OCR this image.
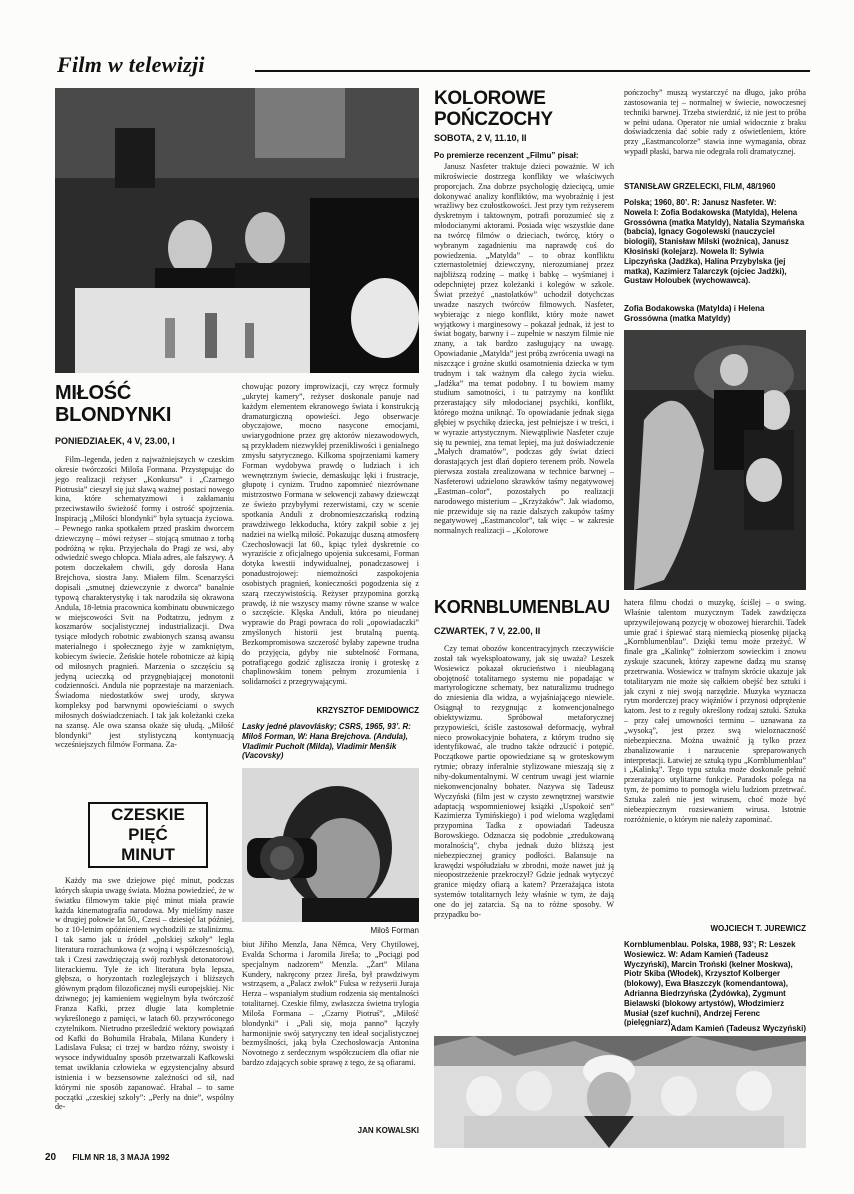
Film w telewizji
MIŁOŚĆ
BLONDYNKI
PONIEDZIAŁEK, 4 V, 23.00, I

Film–legenda, jeden z najważniejszych w czeskim okresie twórczości Miloša Formana. Przystępując do jego realizacji reżyser „Konkursu” i „Czarnego Piotrusia” cieszył się już sławą ważnej postaci nowego kina, które schematyzmowi i zakłamaniu przeciwstawiło świeżość formy i ostrość spojrzenia. Inspiracją „Miłości blondynki” była sytuacja życiowa. – Pewnego ranka spotkałem przed praskim dworcem dziewczynę – mówi reżyser – stojącą smutnao z torbą podróżną w ręku. Przyjechała do Pragi ze wsi, aby odwiedzić swego chłopca. Miała adres, ale fałszywy. A potem doczekałem chwili, gdy dorosła Hana Brejchova, siostra Jany. Miałem film. Scenarzyści dopisali „smutnej dziewczynie z dworca” banalnie typową charakterystykę i tak narodziła się okrawona Andula, 18-letnia pracownica kombinatu obuwniczego w miejscowości Svit na Podtatrzu, jednym z koszmarów socjalistycznej industrializacji. Dwa tysiące młodych robotnic zwabionych szansą awansu materialnego i społecznego żyje w zamkniętym, kobiecym świecie. Żeńskie hotele robotnicze aż kipią od miłosnych pragnień. Marzenia o szczęściu są jedyną ucieczką od przygnębiającej monotonii codzienności. Andula nie poprzestaje na marzeniach. Świadoma niedostatków swej urody, skrywa kompleksy pod barwnymi opowieściami o swych miłosnych doświadczeniach. I tak jak koleżanki czeka na szansę. Ale owa szansa okaże się ułudą. „Miłość blondynki” jest stylistyczną kontynuacją wcześniejszych filmów Formana. Za-

chowując pozory improwizacji, czy wręcz formuły „ukrytej kamery”, reżyser doskonale panuje nad każdym elementem ekranowego świata i konstrukcją dramaturgiczną opowieści. Jego obserwacje obyczajowe, mocno nasycone emocjami, uwiarygodnione przez grę aktorów niezawodowych, są przykładem niezwykłej przenikliwości i genialnego zmysłu satyrycznego. Kilkoma spojrzeniami kamery Forman wydobywa prawdę o ludziach i ich wewnętrznym świecie, demaskując lęki i frustracje, głupotę i cynizm. Trudno zapomnieć niezrównane mistrzostwo Formana w sekwencji zabawy dziewcząt ze świeżo przybyłymi rezerwistami, czy w scenie spotkania Anduli z drobnomieszczańską rodziną prawdziwego lekkoducha, który zakpił sobie z jej nadziei na wielką miłość. Pokazując duszną atmosferę Czechosłowacji lat 60., kpiąc tyleż dyskretnie co wyraziście z oficjalnego upojenia sukcesami, Forman dotyka kwestii indywidualnej, ponadczasowej i ponadustrojowej: niemożności zaspokojenia osobistych pragnień, konieczności pogodzenia się z szarą rzeczywistością. Reżyser przypomina gorzką prawdę, iż nie wszyscy mamy równe szanse w walce o szczęście. Klęska Anduli, która po nieudanej wyprawie do Pragi powraca do roli „opowiadaczki” zmyślonych historii jest brutalną puentą. Bezkompromisowa szczerość byłaby zapewne trudna do przyjęcia, gdyby nie subtelność Formana, potrafiącego godzić zgliszcza ironię i groteskę z chaplinowskim tonem pełnym zrozumienia i solidarności z przegrywającymi.

KRZYSZTOF DEMIDOWICZ
Lasky jedné plavovlásky; CSRS, 1965, 93’. R: Miloš Forman, W: Hana Brejchova. (Andula), Vladimir Pucholt (Milda), Vladimir Menšik (Vacovsky)
Miloš Forman
CZESKIE
PIĘĆ
MINUT

Każdy ma swe dziejowe pięć minut, podczas których skupia uwagę świata. Można powiedzieć, że w światku filmowym takie pięć minut miała prawie każda kinematografia narodowa. My mieliśmy nasze w drugiej połowie lat 50., Czesi – dziesięć lat później, bo z 10-letnim opóźnieniem wychodzili ze stalinizmu. I tak samo jak u źródeł „polskiej szkoły” legła literatura rozrachunkowa (z wojną i współczesnością), tak i Czesi zawdzięczają swój rozbłysk detonatorowi literackiemu. Tyle że ich literatura była lepsza, głębsza, o horyzontach rozleglejszych i bliższych głównym prądom filozoficznej myśli europejskiej. Nic dziwnego; jej kamieniem węgielnym była twórczość Franza Kafki, przez długie lata kompletnie wykreślonego z pamięci, w latach 60. przywróconego czytelnikom. Nietrudno prześledzić wektory powiązań od Kafki do Bohumila Hrabala, Milana Kundery i Ladislava Fuksa; ci trzej w bardzo różny, swoisty i wysoce indywidualny sposób przetwarzali Kafkowski temat uwikłania człowieka w egzystencjalny absurd istnienia i w bezsensowne zależności od sił, nad którymi nie sposób zapanować. Hrabal – to same początki „czeskiej szkoły”: „Perły na dnie”, wspólny de-

biut Jiřího Menzla, Jana Němca, Very Chytilowej, Evalda Schorma i Jaromila Jireša; to „Pociągi pod specjalnym nadzorem” Menzla. „Żart” Milana Kundery, nakręcony przez Jireša, był prawdziwym wstrząsem, a „Palacz zwłok” Fuksa w reżyserii Juraja Herza – wspaniałym studium rodzenia się mentalności totalitarnej. Czeskie filmy, zwłaszcza świetna trylogia Miloša Formana – „Czarny Piotruś”, „Miłość blondynki” i „Pali się, moja panno” łączyły harmonijnie swój satyryczny ten ideał socjalistycznej bezmyślności, jaką była Czechosłowacja Antonina Novotnego z serdecznym współczuciem dla ofiar nie bardzo zdających sobie sprawę z tego, że są ofiarami.

JAN KOWALSKI
KOLOROWE
POŃCZOCHY
SOBOTA, 2 V, 11.10, II
Po premierze recenzent „Filmu” pisał:

Janusz Nasfeter traktuje dzieci poważnie. W ich mikroświecie dostrzega konflikty we właściwych proporcjach. Zna dobrze psychologię dziecięcą, umie dokonywać analizy konfliktów, ma wyobraźnię i jest wrażliwy bez czułostkowości. Jest przy tym reżyserem dyskretnym i taktownym, potrafi porozumieć się z młodocianymi aktorami. Posiada więc wszystkie dane na twórcę filmów o dzieciach, twórcę, który o wybranym zagadnieniu ma naprawdę coś do powiedzenia. „Matylda” – to obraz konfliktu czternastoletniej dziewczyny, nierozumianej przez najbliższą rodzinę – matkę i babkę – wyśmianej i odepchniętej przez koleżanki i kolegów w szkole. Świat przeżyć „nastolatków” uchodził dotychczas uwadze naszych twórców filmowych. Nasfeter, wybierając z niego konflikt, który może nawet wyjątkowy i marginesowy – pokazał jednak, iż jest to świat bogaty, barwny i – zupełnie w naszym filmie nie znany, a tak bardzo zasługujący na uwagę. Opowiadanie „Matylda” jest próbą zwrócenia uwagi na niszczące i groźne skutki osamotnienia dziecka w tym trudnym i tak ważnym dla całego życia wieku. „Jadźka” ma temat podobny. I tu bowiem mamy studium samotności, i tu patrzymy na konflikt przerastający siły młodocianej psychiki, konflikt, którego można uniknąć. To opowiadanie jednak sięga głębiej w psychikę dziecka, jest pełniejsze i w treści, i w wyrazie artystycznym. Niewątpliwie Nasfeter czuje się tu pewniej, zna temat lepiej, ma już doświadczenie „Małych dramatów”, podczas gdy świat dzieci dorastających jest dlań dopiero terenem prób. Nowela pierwsza została zrealizowana w technice barwnej – Nasfeterowi udzielono skrawków taśmy negatywowej „Eastman–color”, pozostałych po realizacji narodowego misterium – „Krzyżaków”. Jak wiadomo, nie przewiduje się na razie dalszych zakupów taśmy negatywowej „Eastmancolor”, tak więc – w zakresie normalnych realizacji – „Kolorowe

pończochy” muszą wystarczyć na długo, jako próba zastosowania tej – normalnej w świecie, nowoczesnej techniki barwnej. Trzeba stwierdzić, iż nie jest to próba w pełni udana. Operator nie umiał widocznie z braku doświadczenia dać sobie rady z oświetleniem, które przy „Eastmancolorze” stawia inne wymagania, obraz wypadł płaski, barwa nie odegrała roli dramatycznej.

STANISŁAW GRZELECKI, FILM, 48/1960
Polska; 1960, 80’. R: Janusz Nasfeter. W: Nowela I: Zofia Bodakowska (Matylda), Helena Grossówna (matka Matyldy), Natalia Szymańska (babcia), Ignacy Gogolewski (nauczyciel biologii), Stanisław Milski (woźnica), Janusz Kłosiński (kolejarz). Nowela II: Sylwia Lipczyńska (Jadźka), Halina Przybylska (jej matka), Kazimierz Talarczyk (ojciec Jadźki), Gustaw Holoubek (wychowawca).
Zofia Bodakowska (Matylda) i Helena Grossówna (matka Matyldy)
KORNBLUMENBLAU
CZWARTEK, 7 V, 22.00, II

Czy temat obozów koncentracyjnych rzeczywiście został tak wyeksploatowany, jak się uważa? Leszek Wosiewicz pokazał okrucieństwo i nieubłaganą obojętność totalitarnego systemu nie popadając w martyrologiczne schematy, bez naturalizmu trudnego do zniesienia dla widza, a wyjaśniającego niewiele. Osiągnął to rezygnując z konwencjonalnego obiektywizmu. Spróbował metaforycznej przypowieści, ściśle zastosował deformację, wybrał nieco prowokacyjnie bohatera, z którym trudno się identyfikować, ale trudno także odrzucić i potępić. Początkowe partie opowiedziane są w groteskowym rytmie; obrazy inferalnie stylizowane mieszają się z niby-dokumentalnymi. W centrum uwagi jest wiarnie niekonwencjonalny bohater. Nazywa się Tadeusz Wyczyński (film jest w czysto zewnętrznej warstwie adaptacją wspomnieniowej książki „Uspokoić sen” Kazimierza Tymińskiego) i pod wieloma względami przypomina Tadka z opowiadań Tadeusza Borowskiego. Odznacza się podobnie „zredukowaną moralnością”, chyba jednak dużo bliższą jest niebezpiecznej granicy podłości. Balansuje na krawędzi współudziału w zbrodni, może nawet już ją nieopostrzeżenie przekroczył? Gdzie jednak wytyczyć granice między ofiarą a katem? Przerażająca istota systemów totalitarnych leży właśnie w tym, że dają one do jej zatarcia. Są na to różne sposoby. W przypadku bo-

hatera filmu chodzi o muzykę, ściślej – o swing. Właśnie talentom muzycznym Tadek zawdzięcza uprzywilejowaną pozycję w obozowej hierarchii. Tadek umie grać i śpiewać starą niemiecką piosenkę pijacką „Kornblumenblau”. Dzięki temu może przeżyć. W finale gra „Kalinkę” żołnierzom sowieckim i znowu zyskuje szacunek, którzy zapewne dadzą mu szansę przetrwania. Wosiewicz w trafnym skrócie ukazuje jak totalitaryzm nie może się całkiem obejść bez sztuki i jak czyni z niej swoją narzędzie. Muzyka wyznacza rytm morderczej pracy więźniów i przynosi odprężenie katom. Jest to z reguły określony rodzaj sztuki. Sztuka – przy całej umowności terminu – uznawana za „wysoką”, jest przez swą wieloznaczność niebezpieczna. Można uważnić ją tylko przez zbanalizowanie i narzucenie spreparowanych interpretacji. Łatwiej ze sztuką typu „Kornblumenblau” i „Kalinką”. Tego typu sztuka może doskonale pełnić przerażająco utylitarne funkcje. Paradoks polega na tym, że pomimo to pomogła wielu ludziom przetrwać. Sztuka zaleń nie jest wirusem, choć może być niebezpiecznym rozsiewaniem wirusa. Istotnie rozróżnienie, o którym nie należy zapominać.

WOJCIECH T. JUREWICZ
Kornblumenblau. Polska, 1988, 93’; R: Leszek Wosiewicz. W: Adam Kamień (Tadeusz Wyczyński), Marcin Troński (kelner Moskwa), Piotr Skiba (Włodek), Krzysztof Kolberger (blokowy), Ewa Błaszczyk (komendantowa), Adrianna Biedrzyńska (Żydówka), Zygmunt Bielawski (blokowy artystów), Włodzimierz Musiał (szef kuchni), Andrzej Ferenc (pielęgniarz).
Adam Kamień (Tadeusz Wyczyński)
20 FILM NR 18, 3 MAJA 1992
